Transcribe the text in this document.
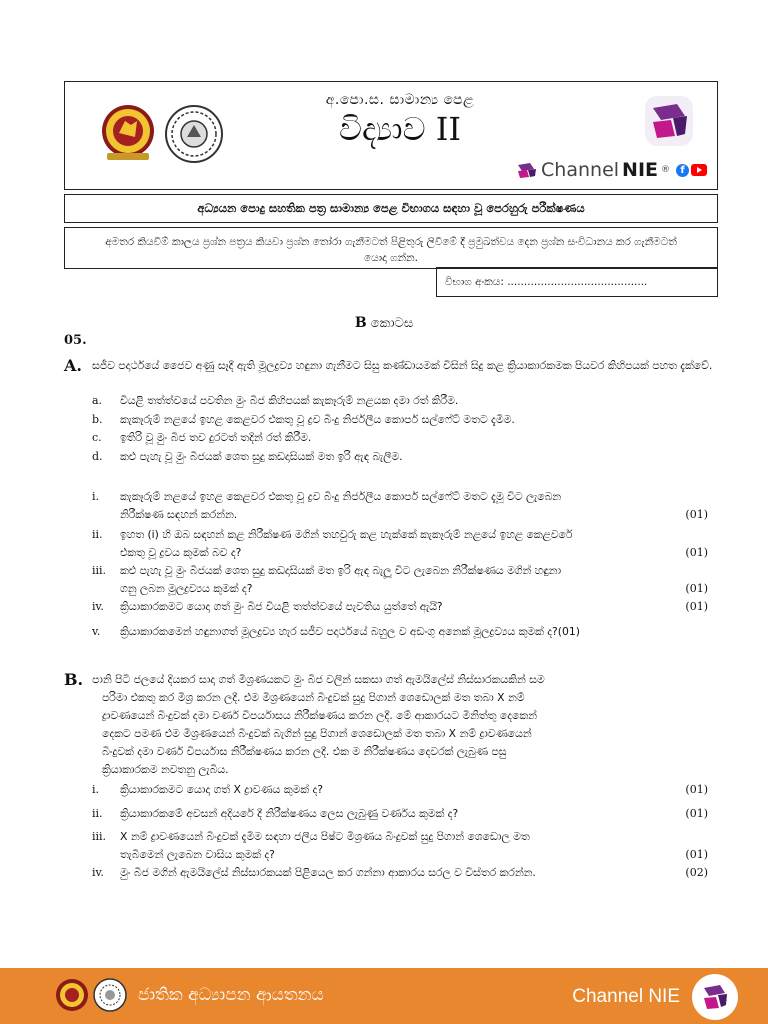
අ.පො.ස. සාමාන්‍ය පෙළ
විද්‍යාව II
Channel NIE ®	f
අධ්‍යයන පොදු සහතික පත්‍ර සාමාන්‍ය පෙළ විභාගය සඳහා වූ පෙරහුරු පරීක්ෂණය
අමතර කියවීම් කාලය ප්‍රශ්න පත්‍රය කියවා ප්‍රශ්න තෝරා ගැනීමටත් පිළිතුරු ලිවීමේ දී ප්‍රමුඛත්වය දෙන ප්‍රශ්න සංවිධානය කර ගැනීමටත් යොදා ගන්න.
විභාග අංකය: ..........................................
B කොටස
05.
A. සජීව පදාර්ථයේ ජෛව අණු සෑදී ඇති මූලද්‍රව්‍ය හඳුනා ගැනීමට සිසු කණ්ඩායමක් විසින් සිදු කළ ක්‍රියාකාරකමක පියවර කිහිපයක් පහත දැක්වේ.
a.	වියළි තත්ත්වයේ පවතින මුං බීජ කිහිපයක් කැකෑරුම් නළයක දමා රත් කිරීම.
b.	කැකෑරුම් නළයේ ඉහළ කෙළවර එකතු වූ ද්‍රව බිංදු නිර්ජලීය කොපර් සල්ෆේට් මතට දැමීම.
c.	ඉතිරි වූ මුං බීජ තව දුරටත් තදින් රත් කිරීම.
d.	කළු පැහැ වූ මුං බීජයක් ශෙත සුදු කඩදාසියක් මත ඉරි ඇඳ බැලීම.
i.	කැකෑරුම් නළයේ ඉහළ කෙළවර එකතු වූ ද්‍රව බිංදු නිර්ජලීය කොපර් සල්ෆේට් මතට දැමූ විට ලැබෙන
නිරීක්ෂණ සඳහන් කරන්න.	(01)
ii.	ඉහත (i) හි ඔබ සඳහන් කළ නිරීක්ෂණ මගින් තහවුරු කළ හැක්කේ කැකෑරුම් නළයේ ඉහළ කෙළවරේ
එකතු වූ ද්‍රවය කුමක් බව ද?	(01)
iii.	කළු පැහැ වූ මුං බීජයක් ශෙත සුදු කඩදාසියක් මත ඉරි ඇඳ බැලූ විට ලැබෙන නිරීක්ෂණය මගින් හඳුනා
ගනු ලබන මූලද්‍රව්‍යය කුමක් ද?	(01)
iv.	ක්‍රියාකාරකමට යොදා ගත් මුං බීජ වියළි තත්ත්වයේ පැවතිය යුත්තේ ඇයි?	(01)
v.	ක්‍රියාකාරකමෙන් හඳුනාගත් මූලද්‍රව්‍ය හැර සජීව පදාර්ථයේ බහුල ව අඩංගු අනෙක් මූලද්‍රව්‍යය කුමක් ද?(01)
B. පානි පිටි ජලයේ දියකර සාදා ගත් මිශ්‍රණයකට මුං බීජ වලින් සකසා ගත් ඇමයිලේස් නිස්සාරකයකින් සම
පරිමා එකතු කර මිශ්‍ර කරන ලදී. එම මිශ්‍රණයෙන් බිංදුවක් සුදු පිගාන් ශෙඩොලක් මත තබා X නම්
ද්‍රාවණයෙන් බිංදුවක් දමා වර්ණ විපර්යාසය නිරීක්ෂණය කරන ලදී. මේ ආකාරයට මිනිත්තු දෙකෙන්
දෙකට පමණ එම මිශ්‍රණයෙන් බිංදුවක් බැගින් සුදු පිගාන් ශෙඩොලක් මත තබා X නම් ද්‍රාවණයෙන්
බිංදුවක් දමා වර්ණ විපර්යාස නිරීක්ෂණය කරන ලදී. එක ම නිරීක්ෂණය දෙවරක් ලැබුණ පසු
ක්‍රියාකාරකම නවතනු ලැබිය.
i.	ක්‍රියාකාරකමට යොදා ගත් X ද්‍රාවණය කුමක් ද?	(01)
ii.	ක්‍රියාකාරකමේ අවසන් අදියරේ දී නිරීක්ෂණය ලෙස ලැබුණු වර්ණය කුමක් ද?	(01)
iii.	X නම් ද්‍රාවණයෙන් බිංදුවක් දැමීම සඳහා ජලීය පිෂ්ට මිශ්‍රණය බිංදුවක් සුදු පිගාන් ශෙඩොල මත
තැබීමෙන් ලැබෙන වාසිය කුමක් ද?	(01)
iv.	මුං බීජ මගින් ඇමයිලේස් නිස්සාරකයක් පිළියෙල කර ගන්නා ආකාරය සරල ව විස්තර කරන්න.	(02)
ජාතික අධ්‍යාපන ආයතනය	Channel NIE
